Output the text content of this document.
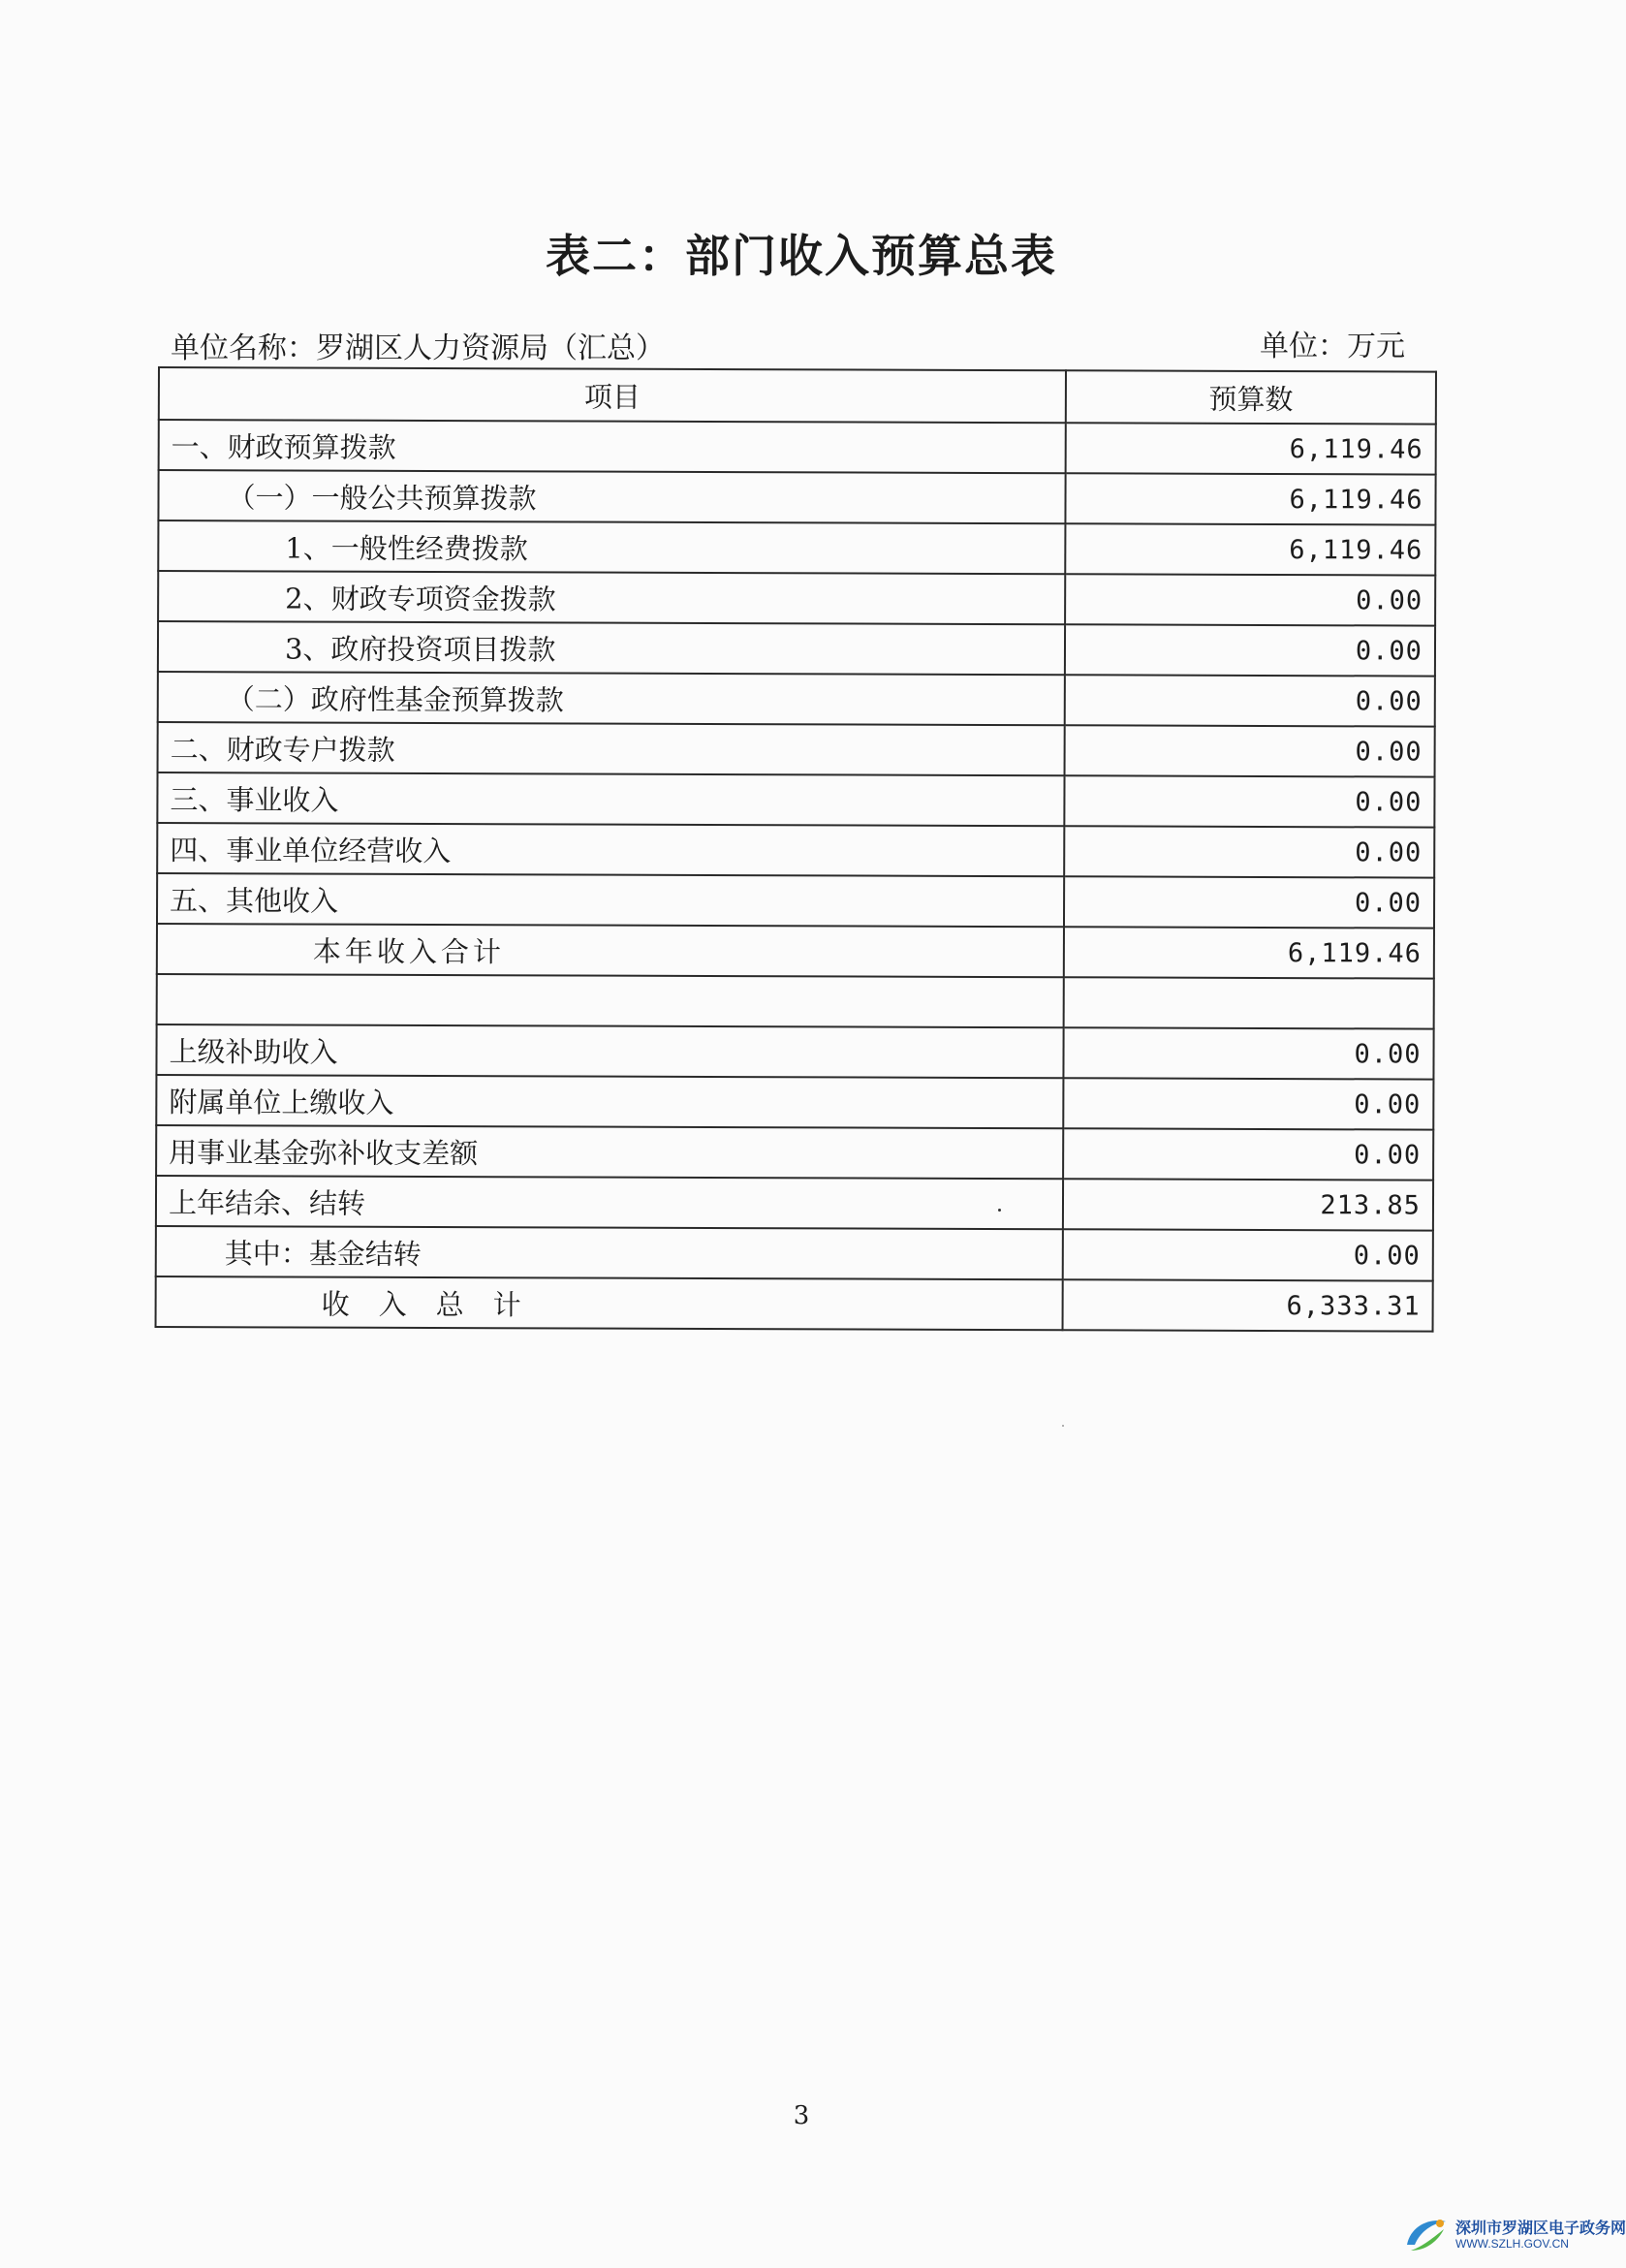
表二：部门收入预算总表
单位名称：罗湖区人力资源局（汇总）	单位：万元
项目	预算数
一、财政预算拨款	6,119.46
（一）一般公共预算拨款	6,119.46
1、一般性经费拨款	6,119.46
2、财政专项资金拨款	0.00
3、政府投资项目拨款	0.00
（二）政府性基金预算拨款	0.00
二、财政专户拨款	0.00
三、事业收入	0.00
四、事业单位经营收入	0.00
五、其他收入	0.00
本年收入合计	6,119.46

上级补助收入	0.00
附属单位上缴收入	0.00
用事业基金弥补收支差额	0.00
上年结余、结转	213.85
其中：基金结转	0.00
收入总计	6,333.31
3
深圳市罗湖区电子政务网
WWW.SZLH.GOV.CN
